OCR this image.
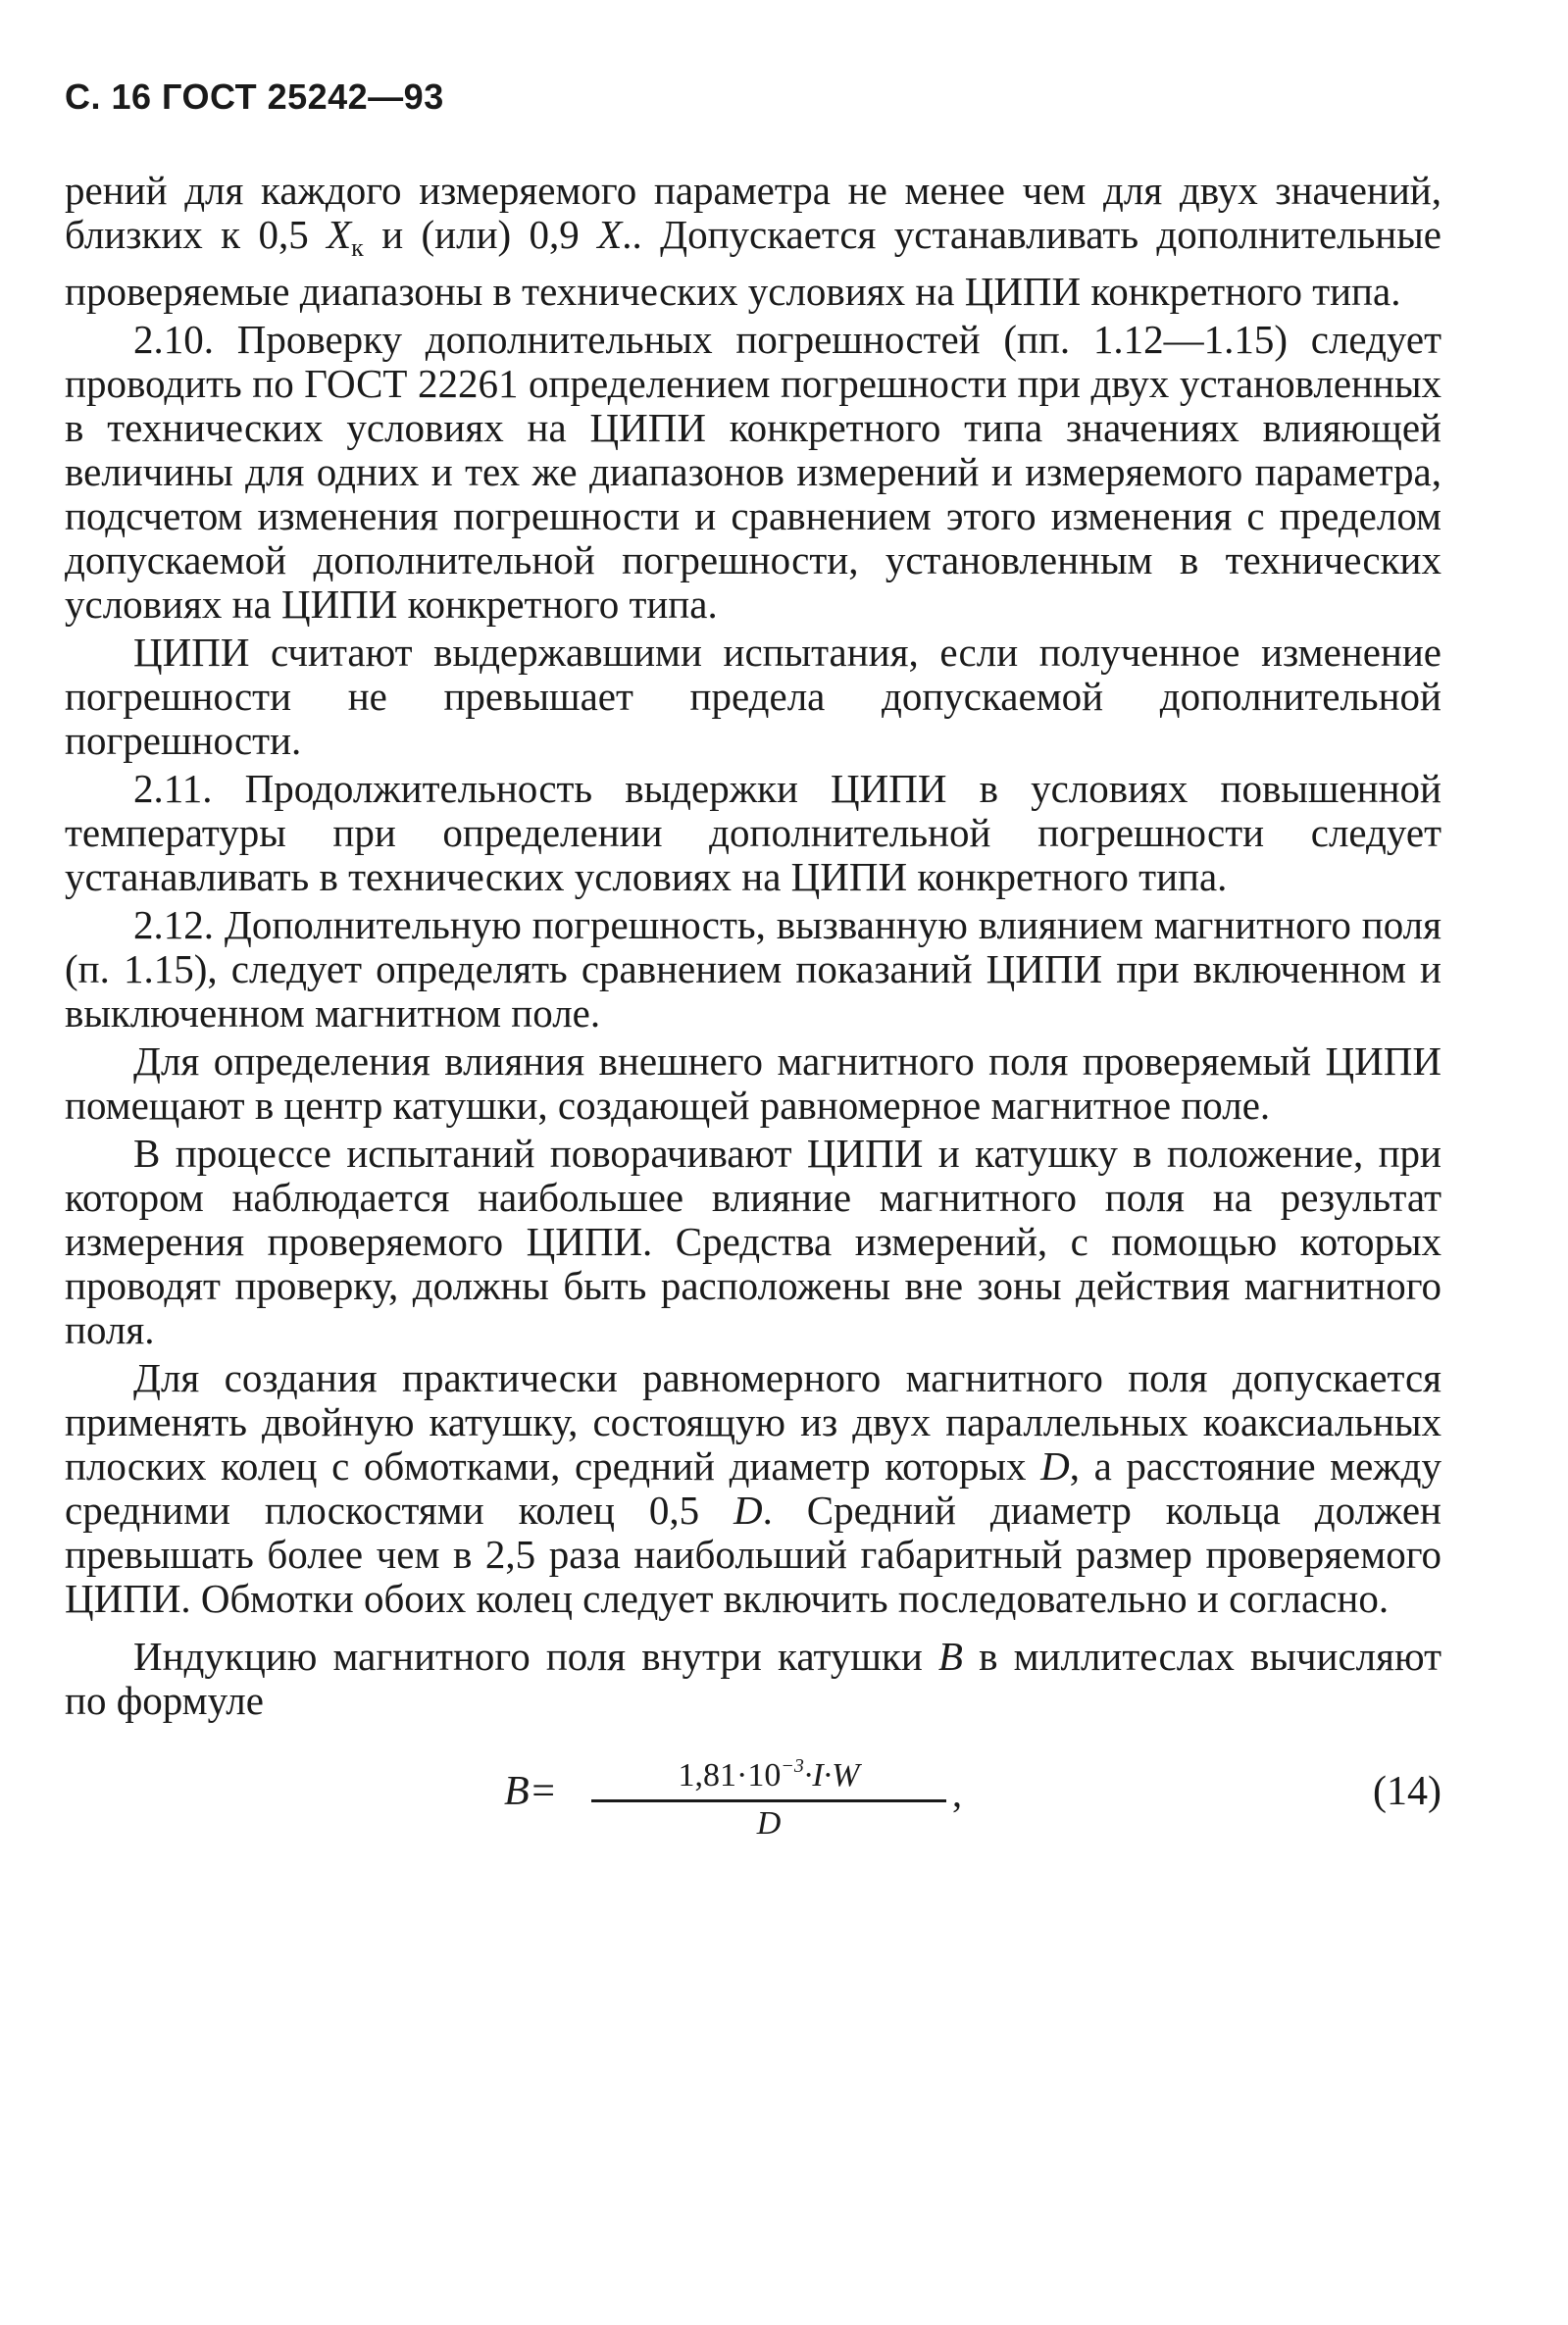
С. 16 ГОСТ 25242—93

рений для каждого измеряемого параметра не менее чем для двух значений, близких к 0,5 $X_к$ и (или) 0,9 X.. Допускается устанавливать дополнительные проверяемые диапазоны в технических условиях на ЦИПИ конкретного типа.

2.10. Проверку дополнительных погрешностей (пп. 1.12—1.15) следует проводить по ГОСТ 22261 определением погрешности при двух установленных в технических условиях на ЦИПИ конкретного типа значениях влияющей величины для одних и тех же диапазонов измерений и измеряемого параметра, подсчетом изменения погрешности и сравнением этого изменения с пределом допускаемой дополнительной погрешности, установленным в технических условиях на ЦИПИ конкретного типа.

ЦИПИ считают выдержавшими испытания, если полученное изменение погрешности не превышает предела допускаемой дополнительной погрешности.

2.11. Продолжительность выдержки ЦИПИ в условиях повышенной температуры при определении дополнительной погрешности следует устанавливать в технических условиях на ЦИПИ конкретного типа.

2.12. Дополнительную погрешность, вызванную влиянием магнитного поля (п. 1.15), следует определять сравнением показаний ЦИПИ при включенном и выключенном магнитном поле.

Для определения влияния внешнего магнитного поля проверяемый ЦИПИ помещают в центр катушки, создающей равномерное магнитное поле.

В процессе испытаний поворачивают ЦИПИ и катушку в положение, при котором наблюдается наибольшее влияние магнитного поля на результат измерения проверяемого ЦИПИ. Средства измерений, с помощью которых проводят проверку, должны быть расположены вне зоны действия магнитного поля.

Для создания практически равномерного магнитного поля допускается применять двойную катушку, состоящую из двух параллельных коаксиальных плоских колец с обмотками, средний диаметр которых D, а расстояние между средними плоскостями колец 0,5 D. Средний диаметр кольца должен превышать более чем в 2,5 раза наибольший габаритный размер проверяемого ЦИПИ. Обмотки обоих колец следует включить последовательно и согласно.

Индукцию магнитного поля внутри катушки B в миллитеслах вычисляют по формуле

B=	$1,81\cdot 10^{-3}\cdot I\cdot W$
D
,	(14)
